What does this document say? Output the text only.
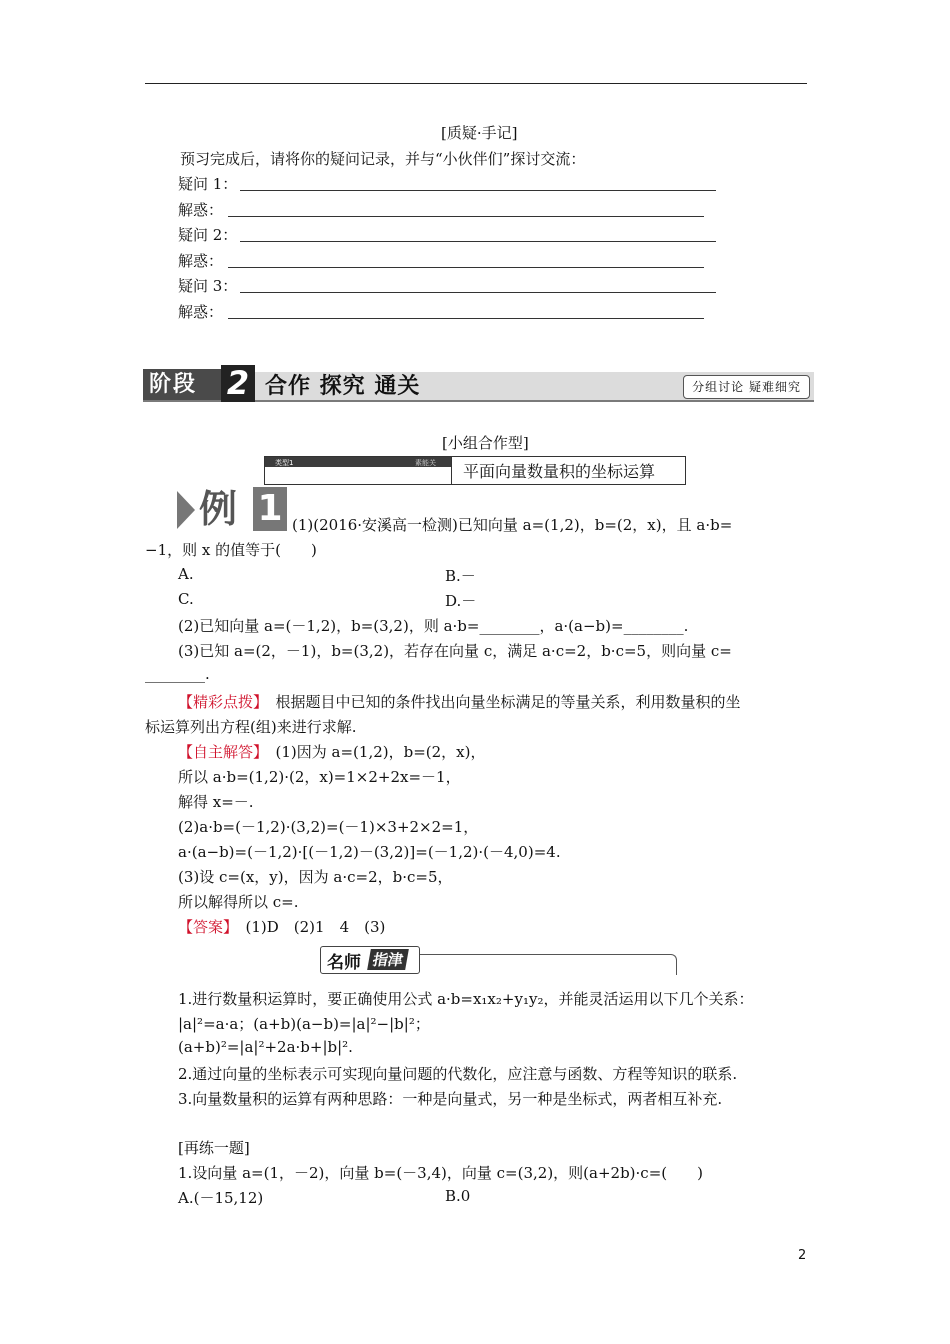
[质疑·手记]
预习完成后，请将你的疑问记录，并与“小伙伴们”探讨交流：
疑问 1：
解惑：
疑问 2：
解惑：
疑问 3：
解惑：
阶段 2 合作 探究 通关	分组讨论 疑难细究
[小组合作型]
类型1	素能关 平面向量数量积的坐标运算
例 1 (1)(2016·安溪高一检测)已知向量 a=(1,2)，b=(2，x)，且 a·b=
−1，则 x 的值等于(　　)
A.	B.－
C.	D.－
(2)已知向量 a=(－1,2)，b=(3,2)，则 a·b=________，a·(a−b)=________.
(3)已知 a=(2，－1)，b=(3,2)，若存在向量 c，满足 a·c=2，b·c=5，则向量 c=
________.
【精彩点拨】　根据题目中已知的条件找出向量坐标满足的等量关系，利用数量积的坐
标运算列出方程(组)来进行求解.
【自主解答】　(1)因为 a=(1,2)，b=(2，x)，
所以 a·b=(1,2)·(2，x)=1×2+2x=－1，
解得 x=－.
(2)a·b=(－1,2)·(3,2)=(－1)×3+2×2=1，
a·(a−b)=(－1,2)·[(－1,2)－(3,2)]=(－1,2)·(－4,0)=4.
(3)设 c=(x，y)，因为 a·c=2，b·c=5，
所以解得所以 c=.
【答案】　(1)D　(2)1　4　(3)
名师 指津
1.进行数量积运算时，要正确使用公式 a·b=x₁x₂+y₁y₂，并能灵活运用以下几个关系：
|a|²=a·a；(a+b)(a−b)=|a|²−|b|²；
(a+b)²=|a|²+2a·b+|b|².
2.通过向量的坐标表示可实现向量问题的代数化，应注意与函数、方程等知识的联系.
3.向量数量积的运算有两种思路：一种是向量式，另一种是坐标式，两者相互补充.
[再练一题]
1.设向量 a=(1，－2)，向量 b=(－3,4)，向量 c=(3,2)，则(a+2b)·c=(　　)
A.(－15,12)	B.0
2
